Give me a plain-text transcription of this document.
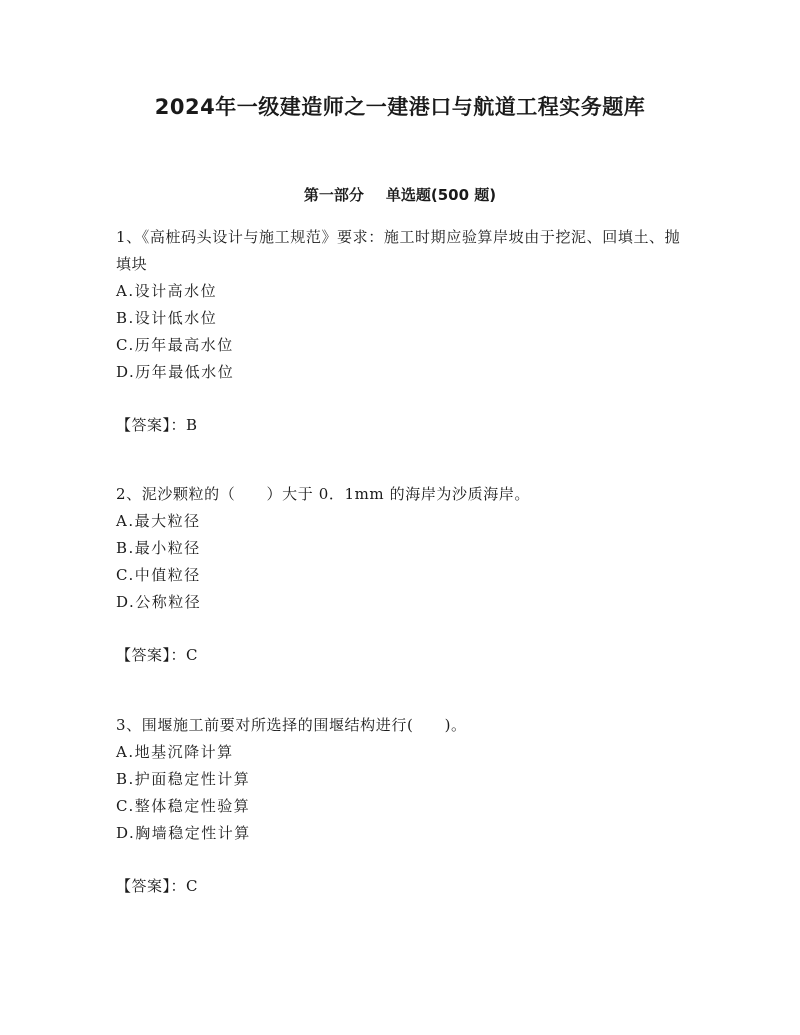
2024年一级建造师之一建港口与航道工程实务题库
第一部分 单选题(500 题)

1、《高桩码头设计与施工规范》要求：施工时期应验算岸坡由于挖泥、回填土、抛填块

A.设计高水位
B.设计低水位
C.历年最高水位
D.历年最低水位
【答案】：B

2、泥沙颗粒的（　　）大于 0．1mm 的海岸为沙质海岸。

A.最大粒径
B.最小粒径
C.中值粒径
D.公称粒径
【答案】：C

3、围堰施工前要对所选择的围堰结构进行(　　)。

A.地基沉降计算
B.护面稳定性计算
C.整体稳定性验算
D.胸墙稳定性计算
【答案】：C
